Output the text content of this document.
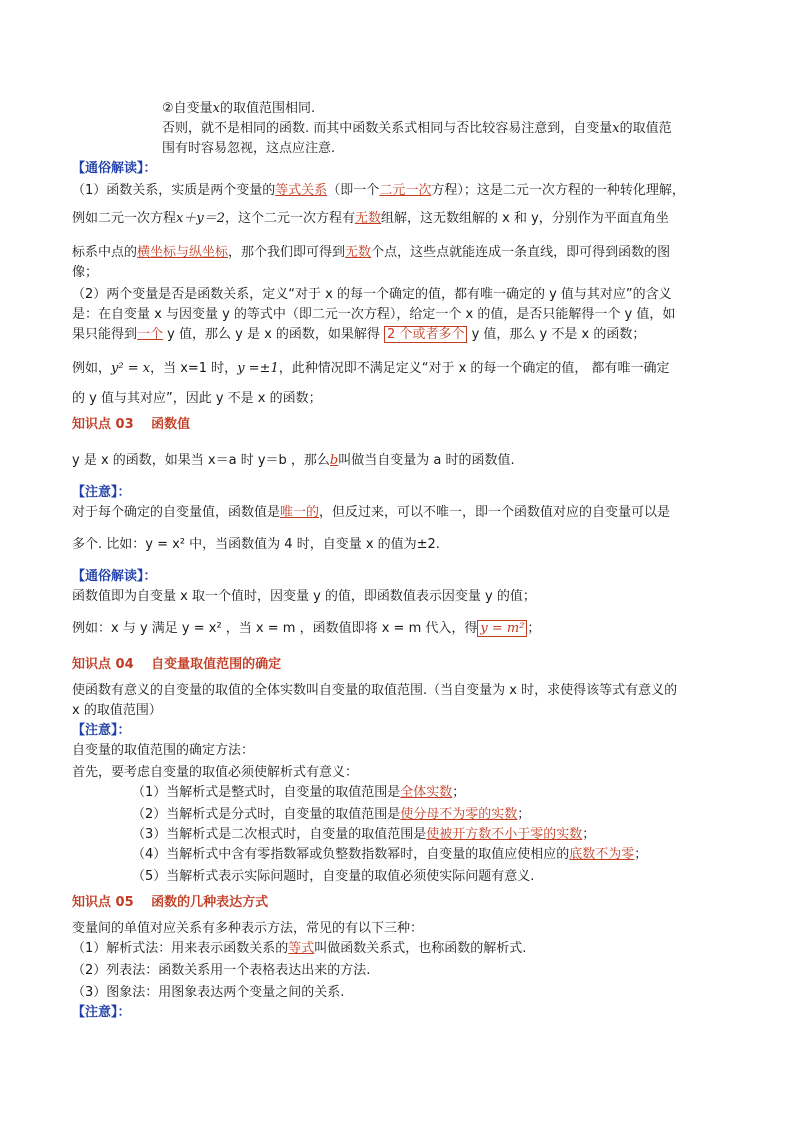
②自变量x的取值范围相同.
否则，就不是相同的函数. 而其中函数关系式相同与否比较容易注意到，自变量x的取值范
围有时容易忽视，这点应注意.
【通俗解读】：
（1）函数关系，实质是两个变量的等式关系（即一个二元一次方程）；这是二元一次方程的一种转化理解，
例如二元一次方程x＋y＝2，这个二元一次方程有无数组解，这无数组解的 x 和 y，分别作为平面直角坐
标系中点的横坐标与纵坐标，那个我们即可得到无数个点，这些点就能连成一条直线，即可得到函数的图
像；
（2）两个变量是否是函数关系，定义“对于 x 的每一个确定的值，都有唯一确定的 y 值与其对应”的含义
是：在自变量 x 与因变量 y 的等式中（即二元一次方程），给定一个 x 的值，是否只能解得一个 y 值，如
果只能得到一个 y 值，那么 y 是 x 的函数，如果解得 2 个或者多个 y 值，那么 y 不是 x 的函数；
例如，y² = x，当 x=1 时，y =±1，此种情况即不满足定义“对于 x 的每一个确定的值， 都有唯一确定
的 y 值与其对应”，因此 y 不是 x 的函数；
知识点 03　 函数值
y 是 x 的函数，如果当 x＝a 时 y＝b ，那么b叫做当自变量为 a 时的函数值.
【注意】：
对于每个确定的自变量值，函数值是唯一的，但反过来，可以不唯一，即一个函数值对应的自变量可以是
多个. 比如：y = x² 中，当函数值为 4 时，自变量 x 的值为±2.
【通俗解读】：
函数值即为自变量 x 取一个值时，因变量 y 的值，即函数值表示因变量 y 的值；
例如：x 与 y 满足 y = x² ，当 x = m ，函数值即将 x = m 代入，得 y = m² ；
知识点 04　 自变量取值范围的确定
使函数有意义的自变量的取值的全体实数叫自变量的取值范围.（当自变量为 x 时，求使得该等式有意义的
x 的取值范围）
【注意】：
自变量的取值范围的确定方法：
首先，要考虑自变量的取值必须使解析式有意义：
（1）当解析式是整式时，自变量的取值范围是全体实数；
（2）当解析式是分式时，自变量的取值范围是使分母不为零的实数；
（3）当解析式是二次根式时，自变量的取值范围是使被开方数不小于零的实数；
（4）当解析式中含有零指数幂或负整数指数幂时，自变量的取值应使相应的底数不为零；
（5）当解析式表示实际问题时，自变量的取值必须使实际问题有意义.
知识点 05　 函数的几种表达方式
变量间的单值对应关系有多种表示方法，常见的有以下三种：
（1）解析式法：用来表示函数关系的等式叫做函数关系式，也称函数的解析式.
（2）列表法：函数关系用一个表格表达出来的方法.
（3）图象法：用图象表达两个变量之间的关系.
【注意】：
